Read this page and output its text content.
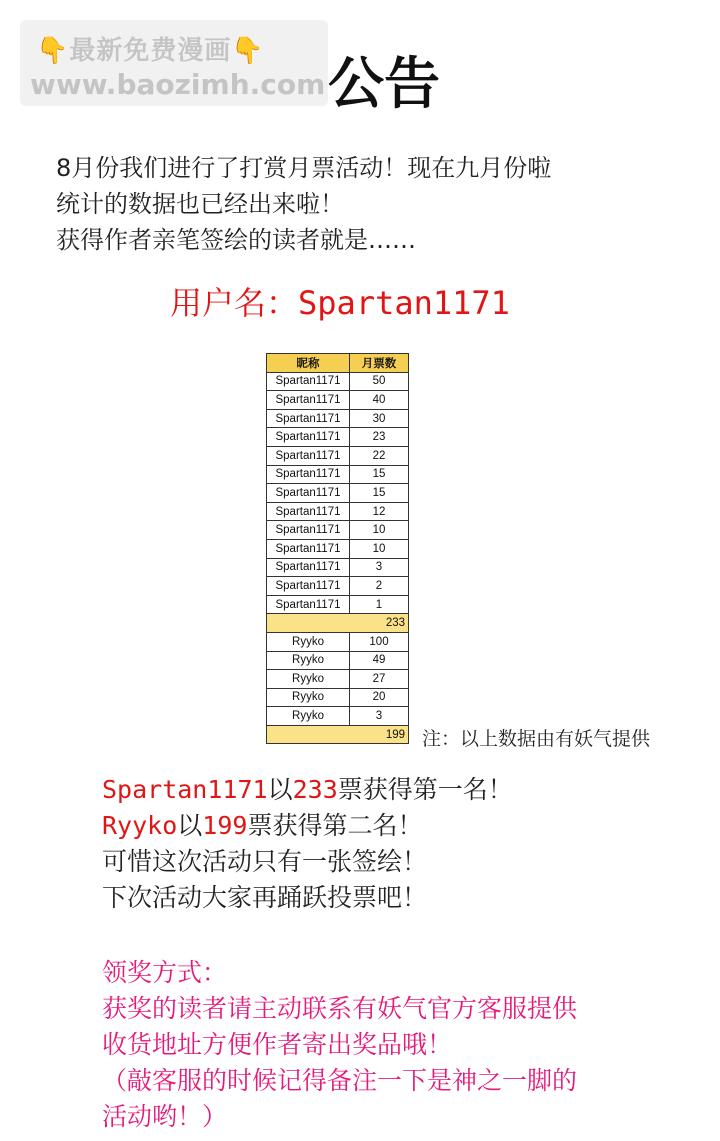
👇最新免费漫画👇
www.baozimh.com 公告
8月份我们进行了打赏月票活动！现在九月份啦
统计的数据也已经出来啦！
获得作者亲笔签绘的读者就是……
用户名：Spartan1171
昵称	月票数
Spartan1171	50
Spartan1171	40
Spartan1171	30
Spartan1171	23
Spartan1171	22
Spartan1171	15
Spartan1171	15
Spartan1171	12
Spartan1171	10
Spartan1171	10
Spartan1171	3
Spartan1171	2
Spartan1171	1
233	
Ryyko	100
Ryyko	49
Ryyko	27
Ryyko	20
Ryyko	3
199	注：以上数据由有妖气提供
Spartan1171以233票获得第一名！
Ryyko以199票获得第二名！
可惜这次活动只有一张签绘！
下次活动大家再踊跃投票吧！
领奖方式：
获奖的读者请主动联系有妖气官方客服提供
收货地址方便作者寄出奖品哦！
（敲客服的时候记得备注一下是神之一脚的
活动哟！）
